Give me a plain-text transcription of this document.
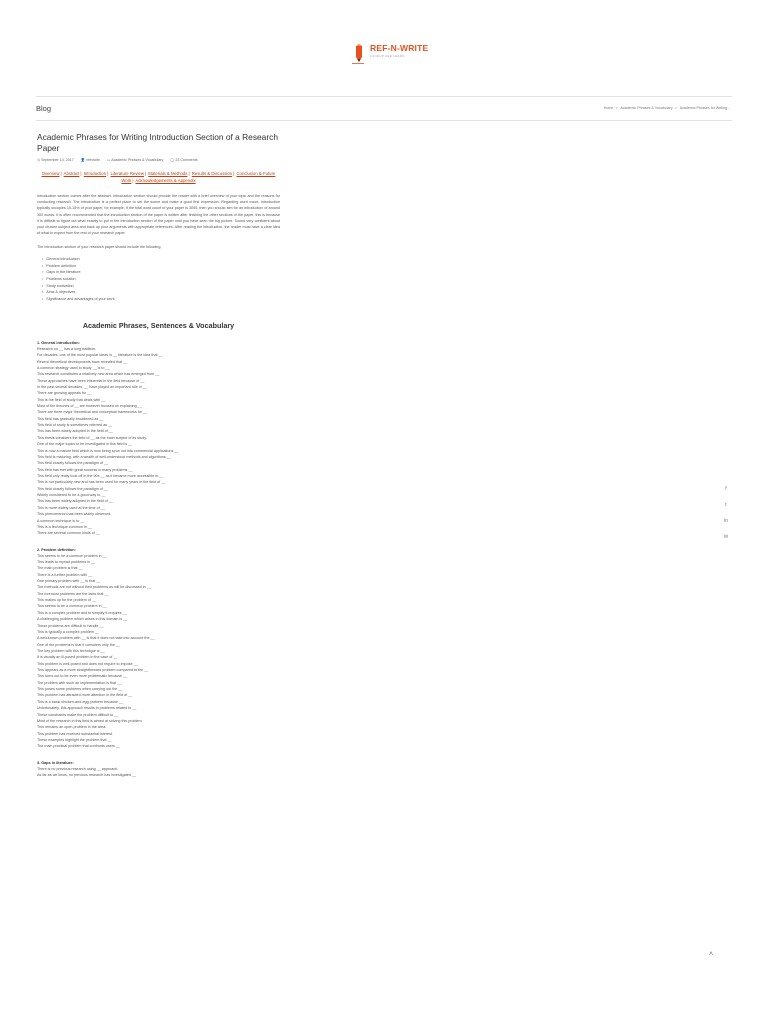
REF-N-WRITE
LOOKUP AND LEARN
Blog	Home > Academic Phrases & Vocabulary > Academic Phrases for Writing...
Academic Phrases for Writing Introduction Section of a Research Paper
◷ September 14, 2017 👤 refnwrite ▭ Academic Phrases & Vocabulary ◯ 23 Comments
Overview| Abstract| Introduction| Literature Review| Materials & Methods| Results & Discussion| Conclusion & Future Work| Acknowledgements & Appendix

Introduction section comes after the abstract. Introduction section should provide the reader with a brief overview of your topic and the reasons for conducting research. The introduction is a perfect place to set the scene and make a good first impression. Regarding word count, introduction typically occupies 10-15% of your paper, for example, if the total word count of your paper is 3000, then you should aim for an introduction of around 300 words. It is often recommended that the introduction section of the paper is written after finishing the other sections of the paper, this is because it is difficult to figure out what exactly to put in the introduction section of the paper until you have seen the big picture. Sound very confident about your chosen subject area and back up your arguments with appropriate references. After reading the introduction, the reader must have a clear idea of what to expect from the rest of your research paper.

The introduction section of your research paper should include the following.

• General introduction
• Problem definition
• Gaps in the literature
• Problems solution
• Study motivation
• Aims & objectives
• Significance and advantages of your work
Academic Phrases, Sentences & Vocabulary
1. General introduction:
Research on __ has a long tradition.
For decades, one of the most popular ideas in __ literature is the idea that __
Recent theoretical developments have revealed that __
A common strategy used to study __ is to __
This research constitutes a relatively new area which has emerged from __
These approaches have been influential in the field because of __
In the past several decades, __ have played an important role in __
There are growing appeals for __
This is the field of study that deals with __
Most of the theories of __ are however focused on explaining __
There are three major theoretical and conceptual frameworks for __
This field has gradually broadened as __
This field of study is sometimes referred as __
This has been widely adopted in the field of __
This thesis considers the field of __ as the main subject of its study.
One of the major topics to be investigated in this field is __
This is now a mature field which is now being spun out into commercial applications __
This field is maturing, with a wealth of well-understood methods and algorithms __
This field closely follows the paradigm of __
This field has met with great success in many problems __
This field only really took off in the 90s __ as it became more accessible to __
This is not particularly new and has been used for many years in the field of __
This field closely follows the paradigm of __
Widely considered to be a good way to __
This has been widely adopted in the field of __
This is more widely used at the time of __
This phenomenon has been widely observed.
A common technique is to __
This is a technique common in __
There are several common kinds of __
2. Problem definition:
This seems to be a common problem in __
This leads to myriad problems in __
The main problem is that __
There is a further problem with __
One primary problem with __ is that __
The methods are not without their problems as will be discussed in __
The foremost problems are the facts that __
This makes up for the problem of __
This seems to be a common problem in __
This is a complex problem and to simplify it requires __
A challenging problem which arises in this domain is __
These problems are difficult to handle __
This is typically a complex problem __
A well-known problem with __ is that it does not take into account the __
One of the problems is that it considers only the __
The key problem with this technique is __
It is usually an ill-posed problem in the case of __
This problem is well-posed and does not require to impose __
This appears as a more straightforward problem compared to the __
This turns out to be even more problematic because __
The problem with such an implementation is that __
This poses some problems when carrying out the __
This problem has attracted more attention in the field of __
This is a basic chicken-and-egg problem because __
Unfortunately, this approach results in problems related to __
These constraints make the problem difficult to __
Most of the research in this field is aimed at solving this problem.
This remains an open problem in the area.
This problem has received substantial interest.
These examples highlight the problem that __
The main practical problem that confronts users __
3. Gaps in literature:
There is no previous research using __ approach.
As far as we know, no previous research has investigated __
f
t
in
✉
˄
